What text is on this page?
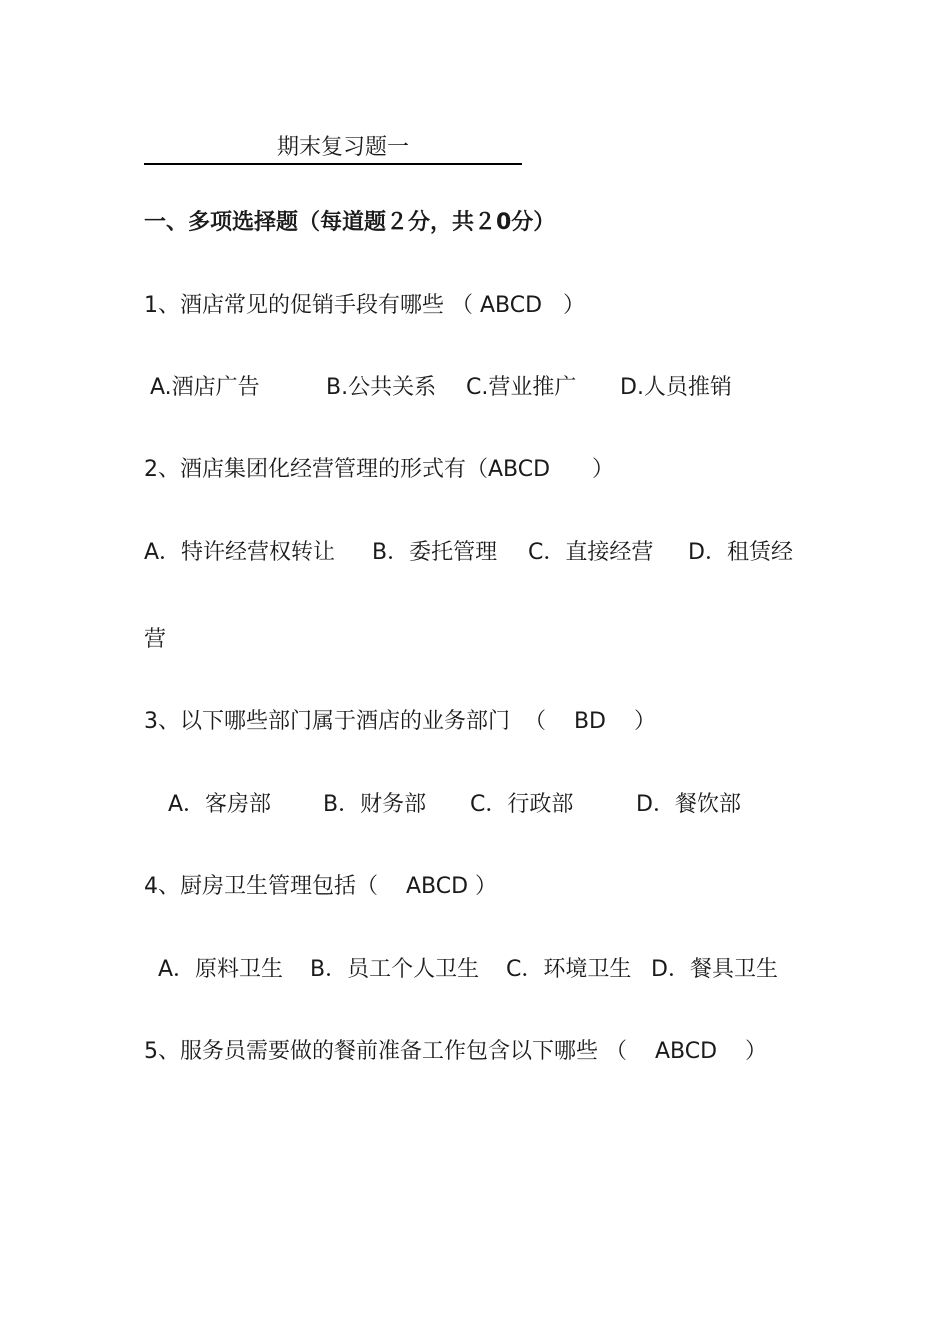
期末复习题一
一、多项选择题（每道题２分，共２0分）
1、酒店常见的促销手段有哪些 （ ABCD   ）
A.酒店广告	B.公共关系 C.营业推广 D.人员推销
2、酒店集团化经营管理的形式有（ABCD      ）
A．特许经营权转让 B．委托管理 C．直接经营 D．租赁经
营
3、以下哪些部门属于酒店的业务部门  （    BD    ）
A．客房部 B．财务部 C．行政部	D．餐饮部
4、厨房卫生管理包括（    ABCD ）
A．原料卫生 B．员工个人卫生 C．环境卫生 D．餐具卫生
5、服务员需要做的餐前准备工作包含以下哪些 （    ABCD    ）
